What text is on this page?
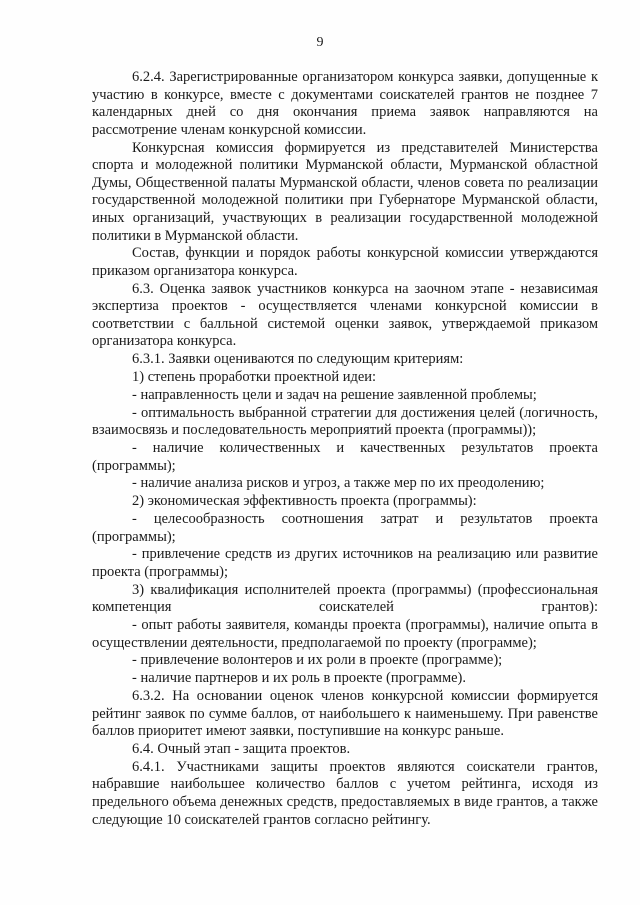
9

6.2.4. Зарегистрированные организатором конкурса заявки, допущенные к участию в конкурсе, вместе с документами соискателей грантов не позднее 7 календарных дней со дня окончания приема заявок направляются на рассмотрение членам конкурсной комиссии.

Конкурсная комиссия формируется из представителей Министерства спорта и молодежной политики Мурманской области, Мурманской областной Думы, Общественной палаты Мурманской области, членов совета по реализации государственной молодежной политики при Губернаторе Мурманской области, иных организаций, участвующих в реализации государственной молодежной политики в Мурманской области.

Состав, функции и порядок работы конкурсной комиссии утверждаются приказом организатора конкурса.

6.3. Оценка заявок участников конкурса на заочном этапе - независимая экспертиза проектов - осуществляется членами конкурсной комиссии в соответствии с балльной системой оценки заявок, утверждаемой приказом организатора конкурса.

6.3.1. Заявки оцениваются по следующим критериям:

1) степень проработки проектной идеи:

- направленность цели и задач на решение заявленной проблемы;

- оптимальность выбранной стратегии для достижения целей (логичность, взаимосвязь и последовательность мероприятий проекта (программы));

- наличие количественных и качественных результатов проекта (программы);

- наличие анализа рисков и угроз, а также мер по их преодолению;

2) экономическая эффективность проекта (программы):

- целесообразность соотношения затрат и результатов проекта (программы);

- привлечение средств из других источников на реализацию или развитие проекта (программы);

3) квалификация исполнителей проекта (программы) (профессиональная компетенция соискателей грантов):

- опыт работы заявителя, команды проекта (программы), наличие опыта в осуществлении деятельности, предполагаемой по проекту (программе);

- привлечение волонтеров и их роли в проекте (программе);

- наличие партнеров и их роль в проекте (программе).

6.3.2. На основании оценок членов конкурсной комиссии формируется рейтинг заявок по сумме баллов, от наибольшего к наименьшему. При равенстве баллов приоритет имеют заявки, поступившие на конкурс раньше.

6.4. Очный этап - защита проектов.

6.4.1. Участниками защиты проектов являются соискатели грантов, набравшие наибольшее количество баллов с учетом рейтинга, исходя из предельного объема денежных средств, предоставляемых в виде грантов, а также следующие 10 соискателей грантов согласно рейтингу.
